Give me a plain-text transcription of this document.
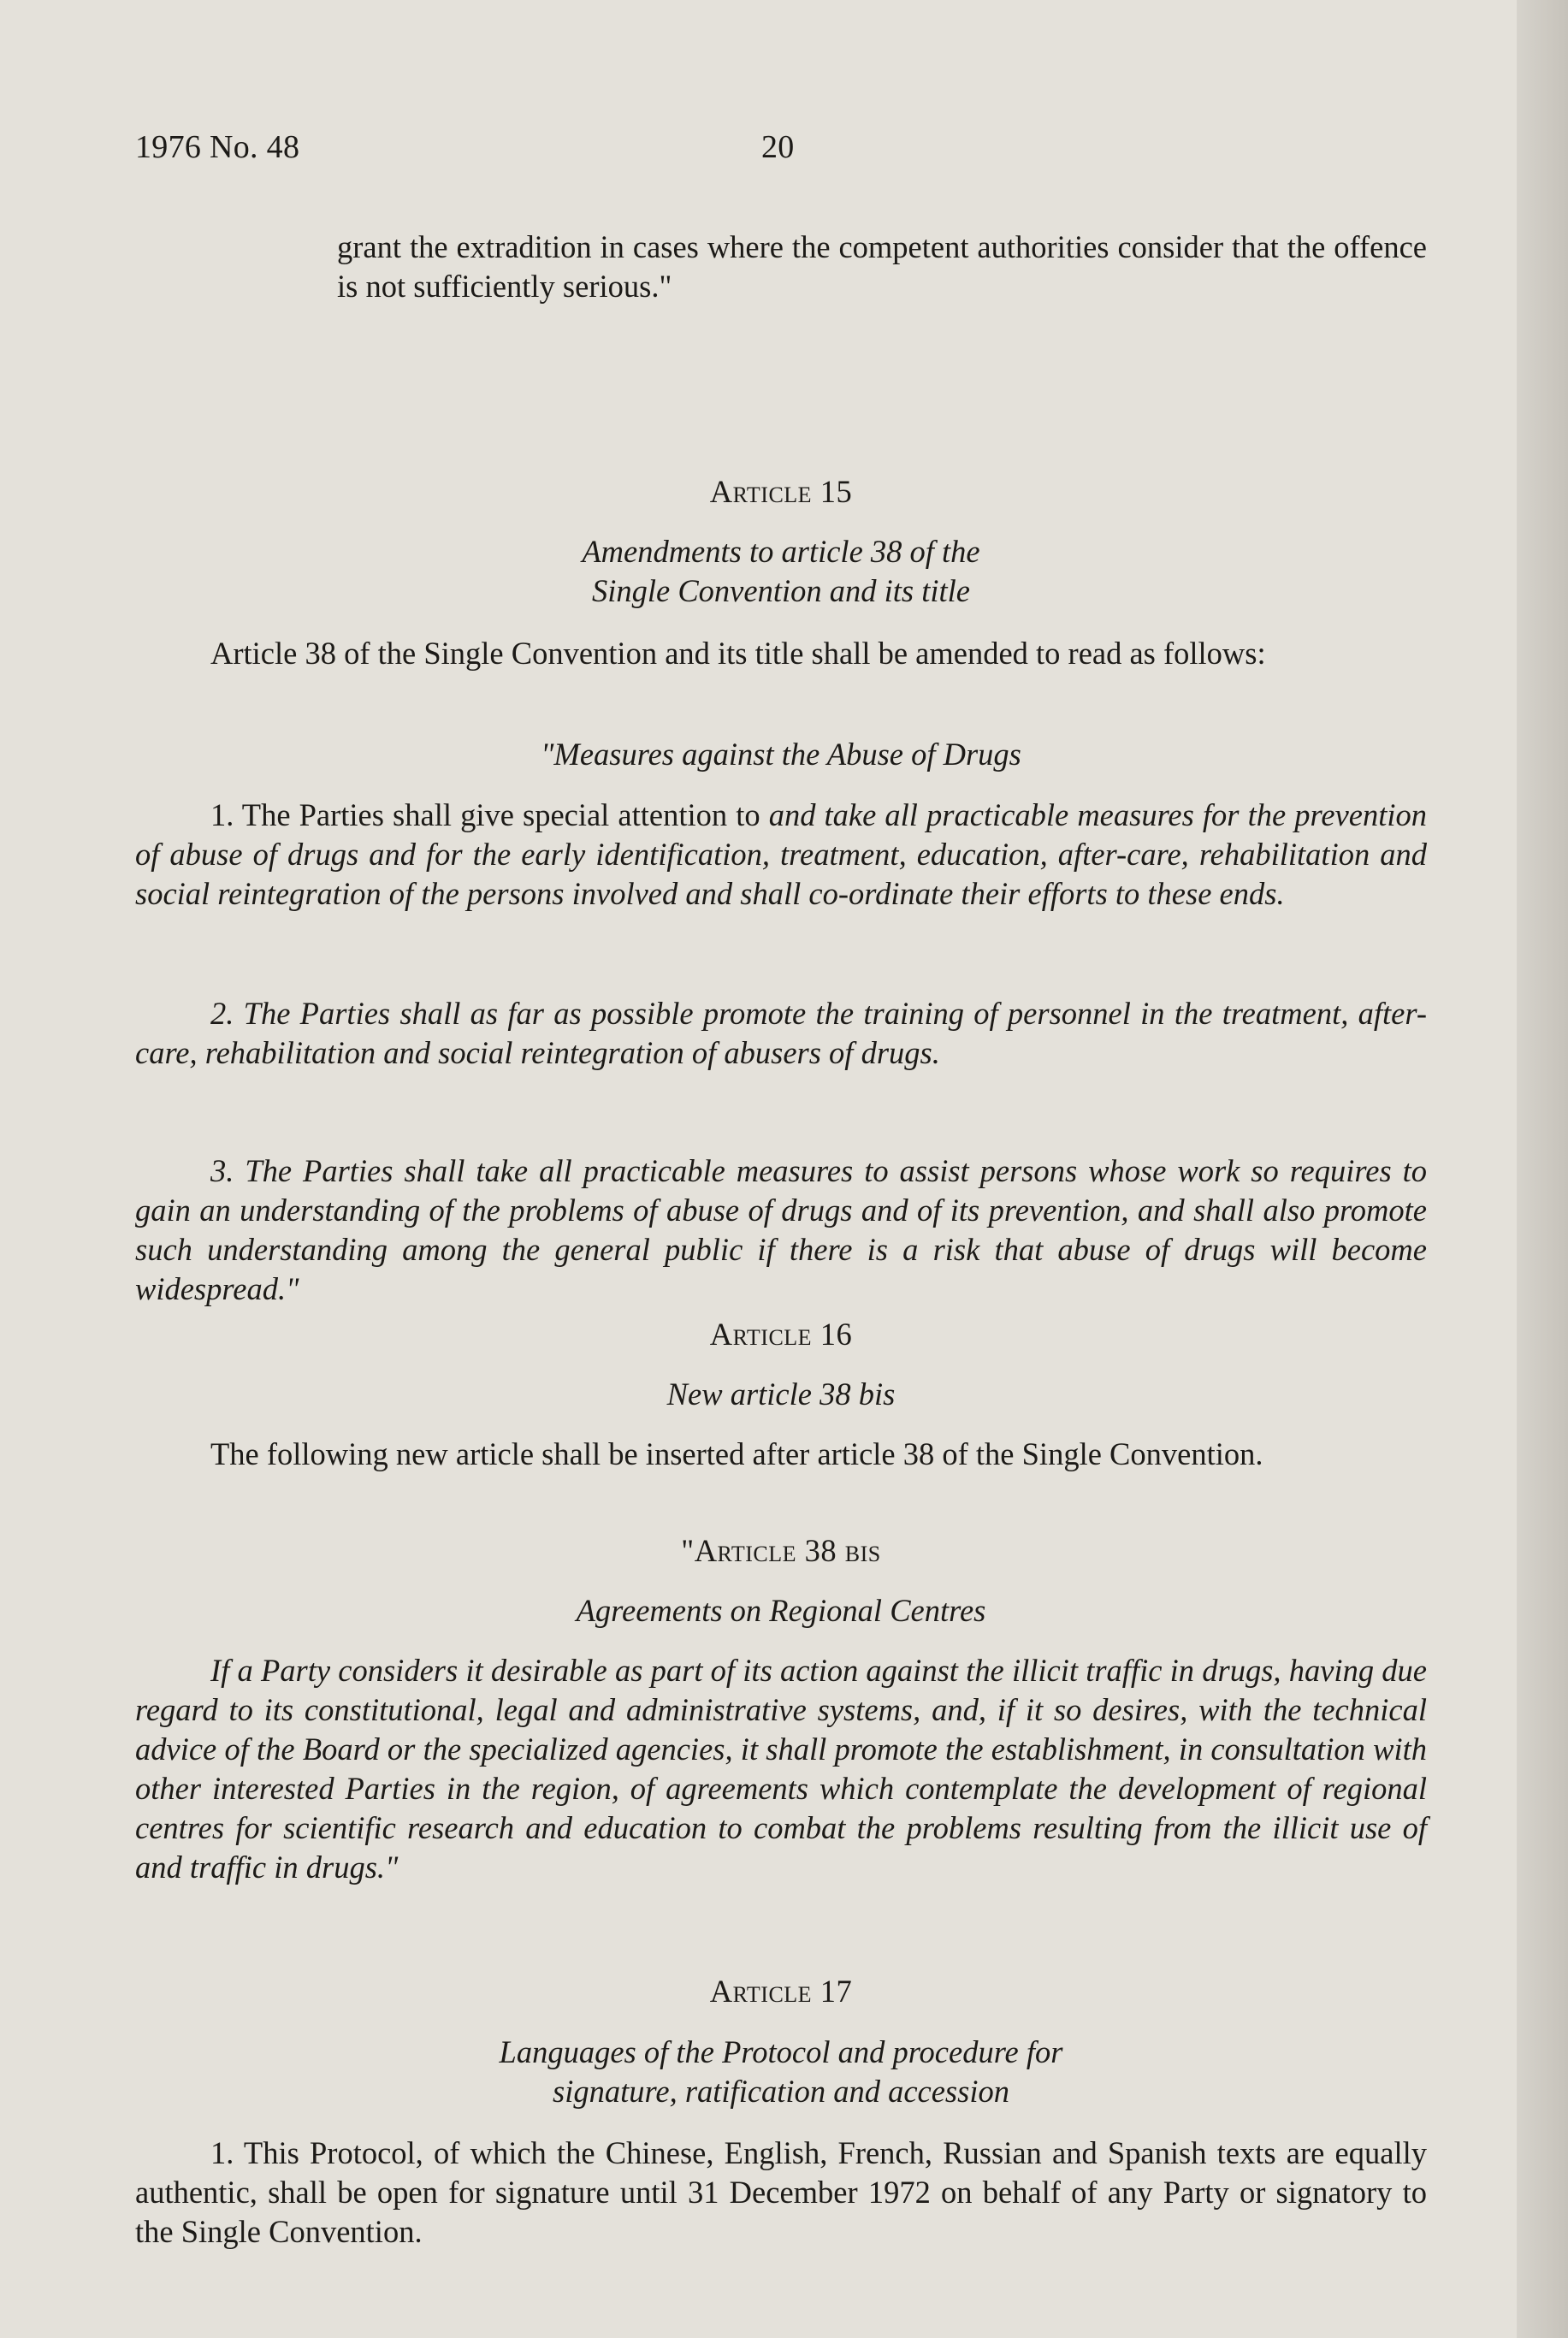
1976 No. 48	20
grant the extradition in cases where the competent authorities consider that the offence is not sufficiently serious."
Article 15
Amendments to article 38 of the Single Convention and its title
Article 38 of the Single Convention and its title shall be amended to read as follows:
"Measures against the Abuse of Drugs
1. The Parties shall give special attention to and take all practicable measures for the prevention of abuse of drugs and for the early identification, treatment, education, after-care, rehabilitation and social reintegration of the persons involved and shall co-ordinate their efforts to these ends.
2. The Parties shall as far as possible promote the training of personnel in the treatment, after-care, rehabilitation and social reintegration of abusers of drugs.
3. The Parties shall take all practicable measures to assist persons whose work so requires to gain an understanding of the problems of abuse of drugs and of its prevention, and shall also promote such understanding among the general public if there is a risk that abuse of drugs will become widespread."
Article 16
New article 38 bis
The following new article shall be inserted after article 38 of the Single Convention.
"Article 38 bis
Agreements on Regional Centres
If a Party considers it desirable as part of its action against the illicit traffic in drugs, having due regard to its constitutional, legal and administrative systems, and, if it so desires, with the technical advice of the Board or the specialized agencies, it shall promote the establishment, in consultation with other interested Parties in the region, of agreements which contemplate the development of regional centres for scientific research and education to combat the problems resulting from the illicit use of and traffic in drugs."
Article 17
Languages of the Protocol and procedure for signature, ratification and accession
1. This Protocol, of which the Chinese, English, French, Russian and Spanish texts are equally authentic, shall be open for signature until 31 December 1972 on behalf of any Party or signatory to the Single Convention.
